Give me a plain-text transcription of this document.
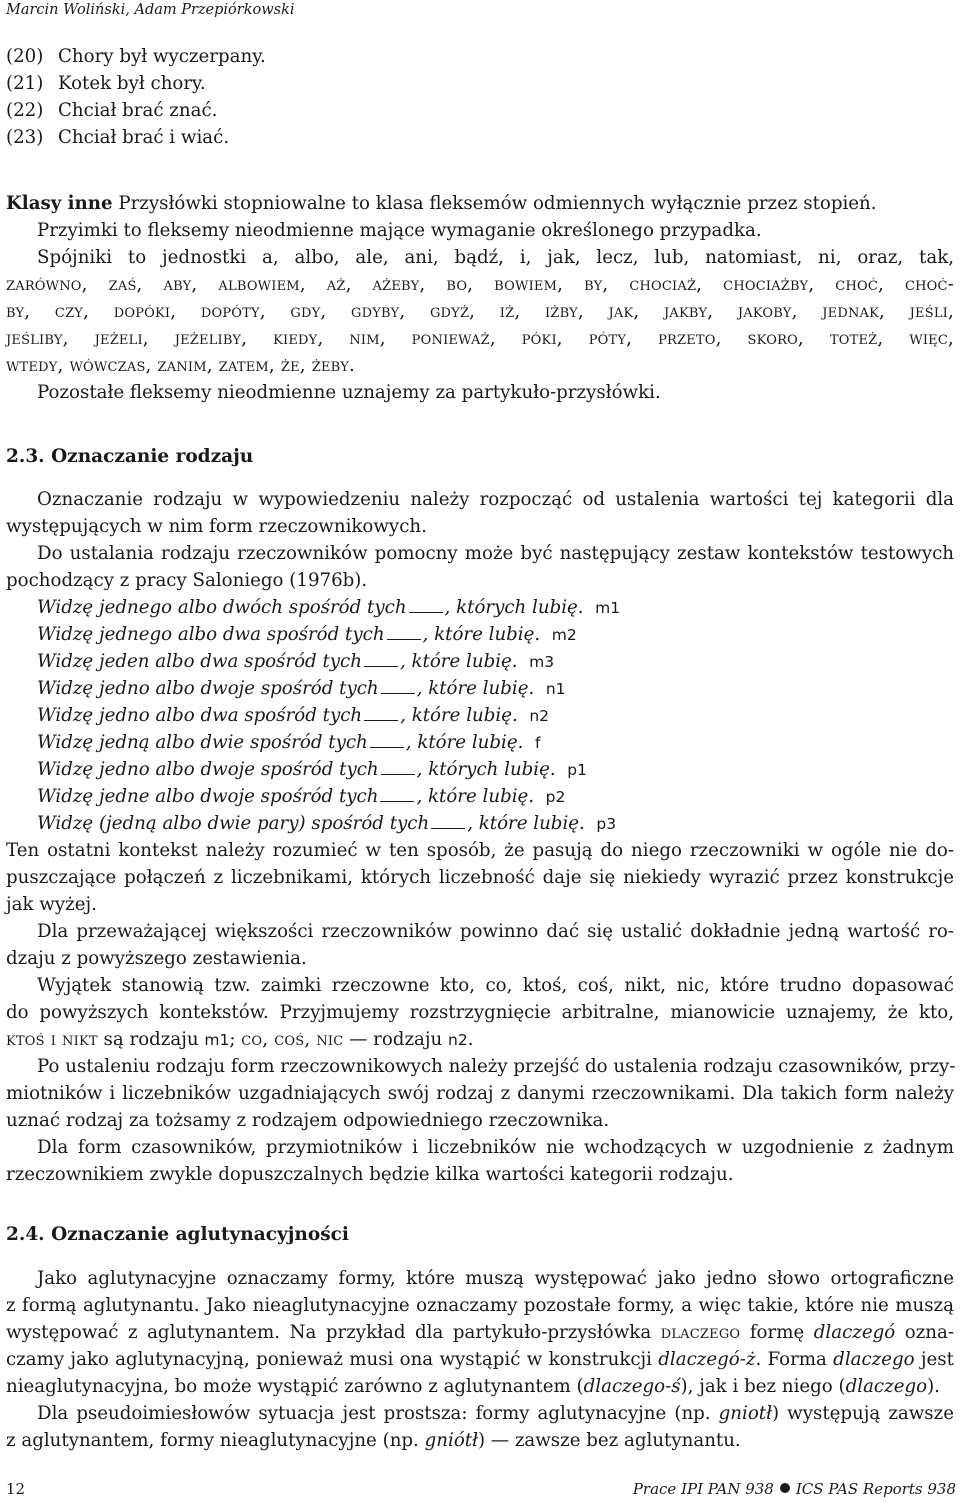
Marcin Woliński, Adam Przepiórkowski
(20) Chory był wyczerpany.
(21) Kotek był chory.
(22) Chciał brać znać.
(23) Chciał brać i wiać.
Klasy inne Przysłówki stopniowalne to klasa fleksemów odmiennych wyłącznie przez stopień.
Przyimki to fleksemy nieodmienne mające wymaganie określonego przypadka.
Spójniki to jednostki a, albo, ale, ani, bądź, i, jak, lecz, lub, natomiast, ni, oraz, tak,
zarówno, zaś, aby, albowiem, aż, ażeby, bo, bowiem, by, chociaż, chociażby, choć, choć-
by, czy, dopóki, dopóty, gdy, gdyby, gdyż, iż, iżby, jak, jakby, jakoby, jednak, jeśli,
jeśliby, jeżeli, jeżeliby, kiedy, nim, ponieważ, póki, póty, przeto, skoro, toteż, więc,
wtedy, wówczas, zanim, zatem, że, żeby.
Pozostałe fleksemy nieodmienne uznajemy za partykuło-przysłówki.
2.3. Oznaczanie rodzaju
Oznaczanie rodzaju w wypowiedzeniu należy rozpocząć od ustalenia wartości tej kategorii dla
występujących w nim form rzeczownikowych.
Do ustalania rodzaju rzeczowników pomocny może być następujący zestaw kontekstów testowych
pochodzący z pracy Saloniego (1976b).
Widzę jednego albo dwóch spośród tych , których lubię. m1
Widzę jednego albo dwa spośród tych , które lubię. m2
Widzę jeden albo dwa spośród tych , które lubię. m3
Widzę jedno albo dwoje spośród tych , które lubię. n1
Widzę jedno albo dwa spośród tych , które lubię. n2
Widzę jedną albo dwie spośród tych , które lubię. f
Widzę jedno albo dwoje spośród tych , których lubię. p1
Widzę jedne albo dwoje spośród tych , które lubię. p2
Widzę (jedną albo dwie pary) spośród tych , które lubię. p3
Ten ostatni kontekst należy rozumieć w ten sposób, że pasują do niego rzeczowniki w ogóle nie do-
puszczające połączeń z liczebnikami, których liczebność daje się niekiedy wyrazić przez konstrukcje
jak wyżej.
Dla przeważającej większości rzeczowników powinno dać się ustalić dokładnie jedną wartość ro-
dzaju z powyższego zestawienia.
Wyjątek stanowią tzw. zaimki rzeczowne kto, co, ktoś, coś, nikt, nic, które trudno dopasować
do powyższych kontekstów. Przyjmujemy rozstrzygnięcie arbitralne, mianowicie uznajemy, że kto,
ktoś i nikt są rodzaju m1; co, coś, nic — rodzaju n2.
Po ustaleniu rodzaju form rzeczownikowych należy przejść do ustalenia rodzaju czasowników, przy-
miotników i liczebników uzgadniających swój rodzaj z danymi rzeczownikami. Dla takich form należy
uznać rodzaj za tożsamy z rodzajem odpowiedniego rzeczownika.
Dla form czasowników, przymiotników i liczebników nie wchodzących w uzgodnienie z żadnym
rzeczownikiem zwykle dopuszczalnych będzie kilka wartości kategorii rodzaju.
2.4. Oznaczanie aglutynacyjności
Jako aglutynacyjne oznaczamy formy, które muszą występować jako jedno słowo ortograficzne
z formą aglutynantu. Jako nieaglutynacyjne oznaczamy pozostałe formy, a więc takie, które nie muszą
występować z aglutynantem. Na przykład dla partykuło-przysłówka dlaczego formę dlaczegó ozna-
czamy jako aglutynacyjną, ponieważ musi ona wystąpić w konstrukcji dlaczegó-ż. Forma dlaczego jest
nieaglutynacyjna, bo może wystąpić zarówno z aglutynantem (dlaczego-ś), jak i bez niego (dlaczego).
Dla pseudoimiesłowów sytuacja jest prostsza: formy aglutynacyjne (np. gniotł) występują zawsze
z aglutynantem, formy nieaglutynacyjne (np. gniótł) — zawsze bez aglutynantu.
12	Prace IPI PAN 938 ICS PAS Reports 938
